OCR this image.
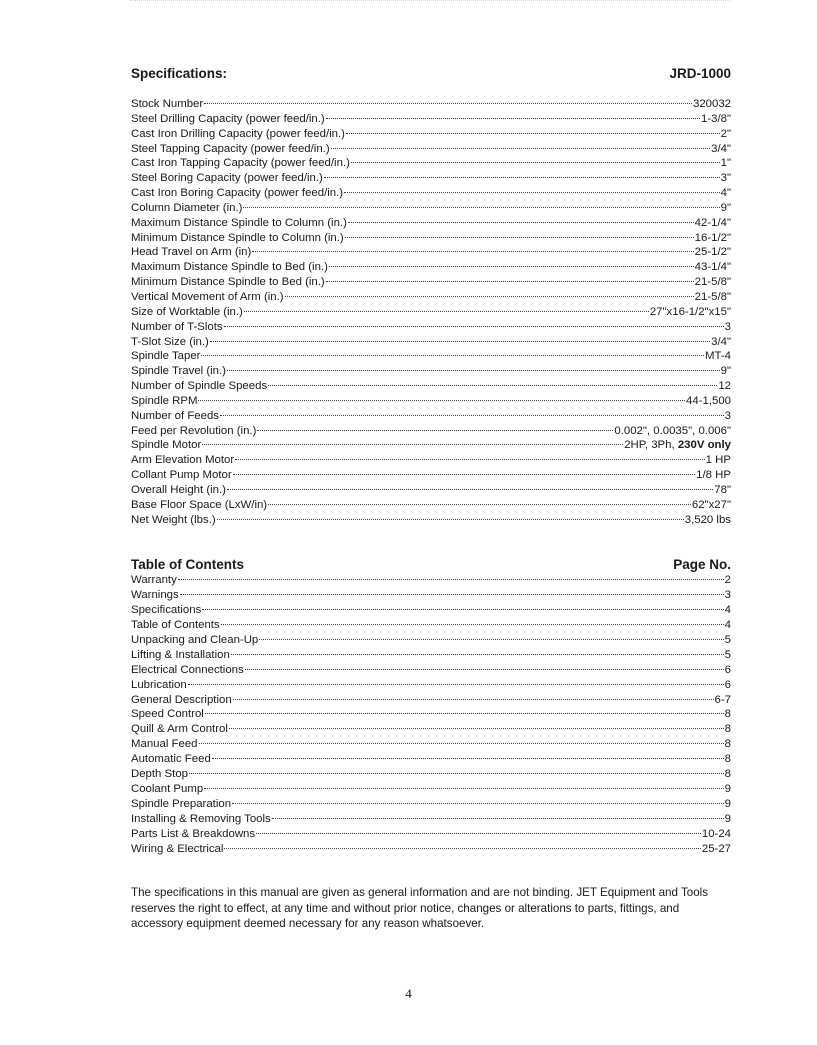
Specifications:	JRD-1000
Stock Number	320032
Steel Drilling Capacity (power feed/in.)	1-3/8"
Cast Iron Drilling Capacity (power feed/in.)	2"
Steel Tapping Capacity (power feed/in.)	3/4"
Cast Iron Tapping Capacity (power feed/in.)	1"
Steel Boring Capacity (power feed/in.)	3"
Cast Iron Boring Capacity (power feed/in.)	4"
Column Diameter (in.)	9"
Maximum Distance Spindle to Column (in.)	42-1/4"
Minimum Distance Spindle to Column (in.)	16-1/2"
Head Travel on Arm (in)	25-1/2"
Maximum Distance Spindle to Bed (in.)	43-1/4"
Minimum Distance Spindle to Bed (in.)	21-5/8"
Vertical Movement of Arm (in.)	21-5/8"
Size of Worktable (in.)	27"x16-1/2"x15"
Number of T-Slots	3
T-Slot Size (in.)	3/4"
Spindle Taper	MT-4
Spindle Travel (in.)	9"
Number of Spindle Speeds	12
Spindle RPM	44-1,500
Number of Feeds	3
Feed per Revolution (in.)	0.002", 0.0035", 0.006"
Spindle Motor	2HP, 3Ph, 230V only
Arm Elevation Motor	1 HP
Collant Pump Motor	1/8 HP
Overall Height (in.)	78"
Base Floor Space (LxW/in)	62"x27"
Net Weight (lbs.)	3,520 lbs
Table of Contents	Page No.
Warranty	2
Warnings	3
Specifications	4
Table of Contents	4
Unpacking and Clean-Up	5
Lifting & Installation	5
Electrical Connections	6
Lubrication	6
General Description	6-7
Speed Control	8
Quill & Arm Control	8
Manual Feed	8
Automatic Feed	8
Depth Stop	8
Coolant Pump	9
Spindle Preparation	9
Installing & Removing Tools	9
Parts List & Breakdowns	10-24
Wiring & Electrical	25-27

The specifications in this manual are given as general information and are not binding. JET Equipment and Tools reserves the right to effect, at any time and without prior notice, changes or alterations to parts, fittings, and accessory equipment deemed necessary for any reason whatsoever.

4
